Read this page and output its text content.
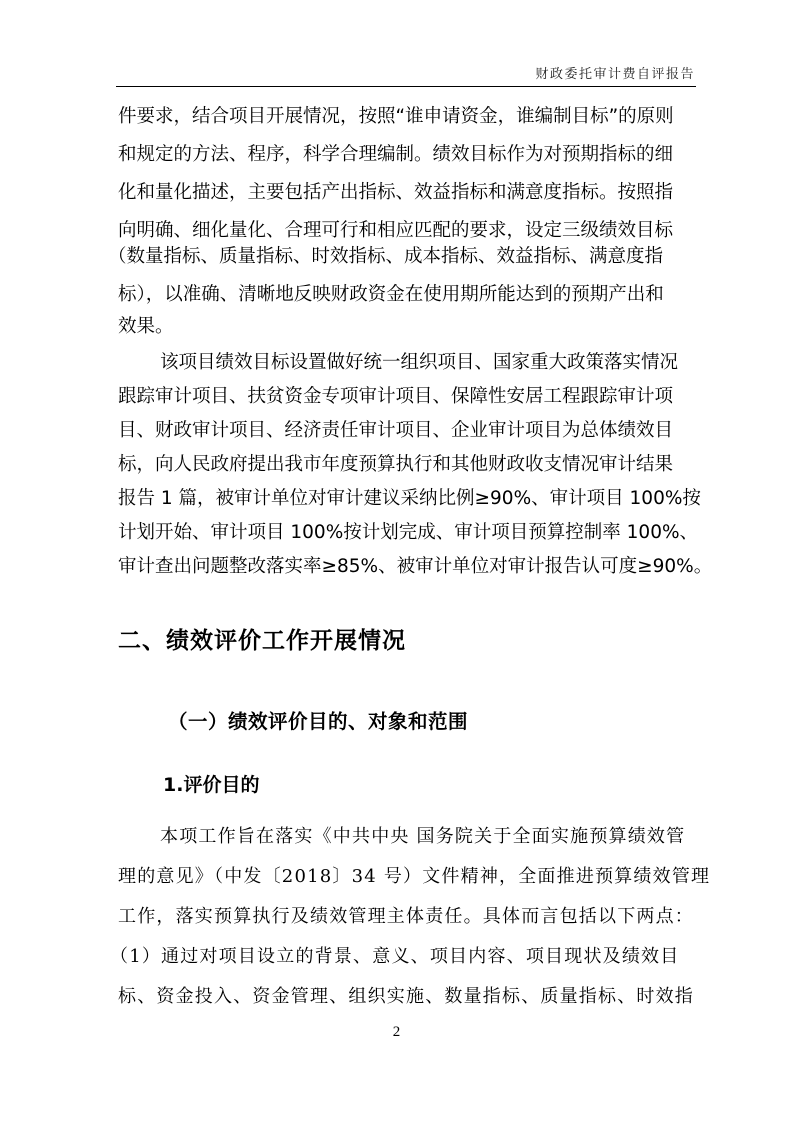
财政委托审计费自评报告
件要求，结合项目开展情况，按照“谁申请资金，谁编制目标”的原则
和规定的方法、程序，科学合理编制。绩效目标作为对预期指标的细
化和量化描述，主要包括产出指标、效益指标和满意度指标。按照指
向明确、细化量化、合理可行和相应匹配的要求，设定三级绩效目标
（数量指标、质量指标、时效指标、成本指标、效益指标、满意度指
标），以准确、清晰地反映财政资金在使用期所能达到的预期产出和
效果。
该项目绩效目标设置做好统一组织项目、国家重大政策落实情况
跟踪审计项目、扶贫资金专项审计项目、保障性安居工程跟踪审计项
目、财政审计项目、经济责任审计项目、企业审计项目为总体绩效目
标，向人民政府提出我市年度预算执行和其他财政收支情况审计结果
报告 1 篇，被审计单位对审计建议采纳比例≥90%、审计项目 100%按
计划开始、审计项目 100%按计划完成、审计项目预算控制率 100%、
审计查出问题整改落实率≥85%、被审计单位对审计报告认可度≥90%。
二、绩效评价工作开展情况
（一）绩效评价目的、对象和范围
1.评价目的
本项工作旨在落实《中共中央 国务院关于全面实施预算绩效管
理的意见》（中发〔2018〕34 号）文件精神，全面推进预算绩效管理
工作，落实预算执行及绩效管理主体责任。具体而言包括以下两点：
（1）通过对项目设立的背景、意义、项目内容、项目现状及绩效目
标、资金投入、资金管理、组织实施、数量指标、质量指标、时效指
2
